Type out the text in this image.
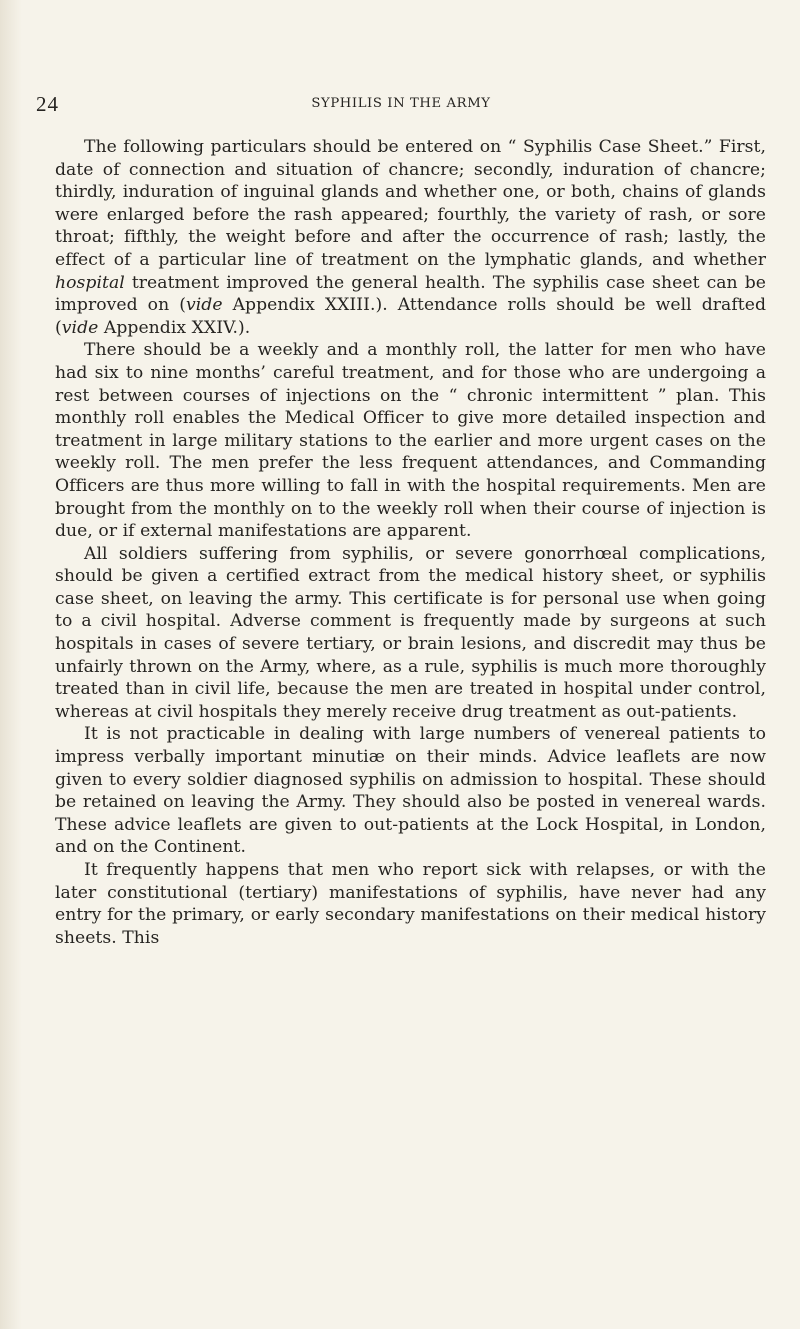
24	SYPHILIS IN THE ARMY

The following particulars should be entered on “ Syphilis Case Sheet.” First, date of connection and situation of chancre; secondly, induration of chancre; thirdly, induration of inguinal glands and whether one, or both, chains of glands were enlarged before the rash appeared; fourthly, the variety of rash, or sore throat; fifthly, the weight before and after the occurrence of rash; lastly, the effect of a particular line of treatment on the lymphatic glands, and whether hospital treatment improved the general health. The syphilis case sheet can be improved on (vide Appendix XXIII.). Attendance rolls should be well drafted (vide Appendix XXIV.).

There should be a weekly and a monthly roll, the latter for men who have had six to nine months’ careful treatment, and for those who are undergoing a rest between courses of injections on the “ chronic intermittent ” plan. This monthly roll enables the Medical Officer to give more detailed inspection and treatment in large military stations to the earlier and more urgent cases on the weekly roll. The men prefer the less frequent attendances, and Commanding Officers are thus more willing to fall in with the hospital requirements. Men are brought from the monthly on to the weekly roll when their course of injection is due, or if external manifestations are apparent.

All soldiers suffering from syphilis, or severe gonorrhœal complications, should be given a certified extract from the medical history sheet, or syphilis case sheet, on leaving the army. This certificate is for personal use when going to a civil hospital. Adverse comment is frequently made by surgeons at such hospitals in cases of severe tertiary, or brain lesions, and discredit may thus be unfairly thrown on the Army, where, as a rule, syphilis is much more thoroughly treated than in civil life, because the men are treated in hospital under control, whereas at civil hospitals they merely receive drug treatment as out-patients.

It is not practicable in dealing with large numbers of venereal patients to impress verbally important minutiæ on their minds. Advice leaflets are now given to every soldier diagnosed syphilis on admission to hospital. These should be retained on leaving the Army. They should also be posted in venereal wards. These advice leaflets are given to out-patients at the Lock Hospital, in London, and on the Continent.

It frequently happens that men who report sick with relapses, or with the later constitutional (tertiary) manifestations of syphilis, have never had any entry for the primary, or early secondary manifestations on their medical history sheets. This
